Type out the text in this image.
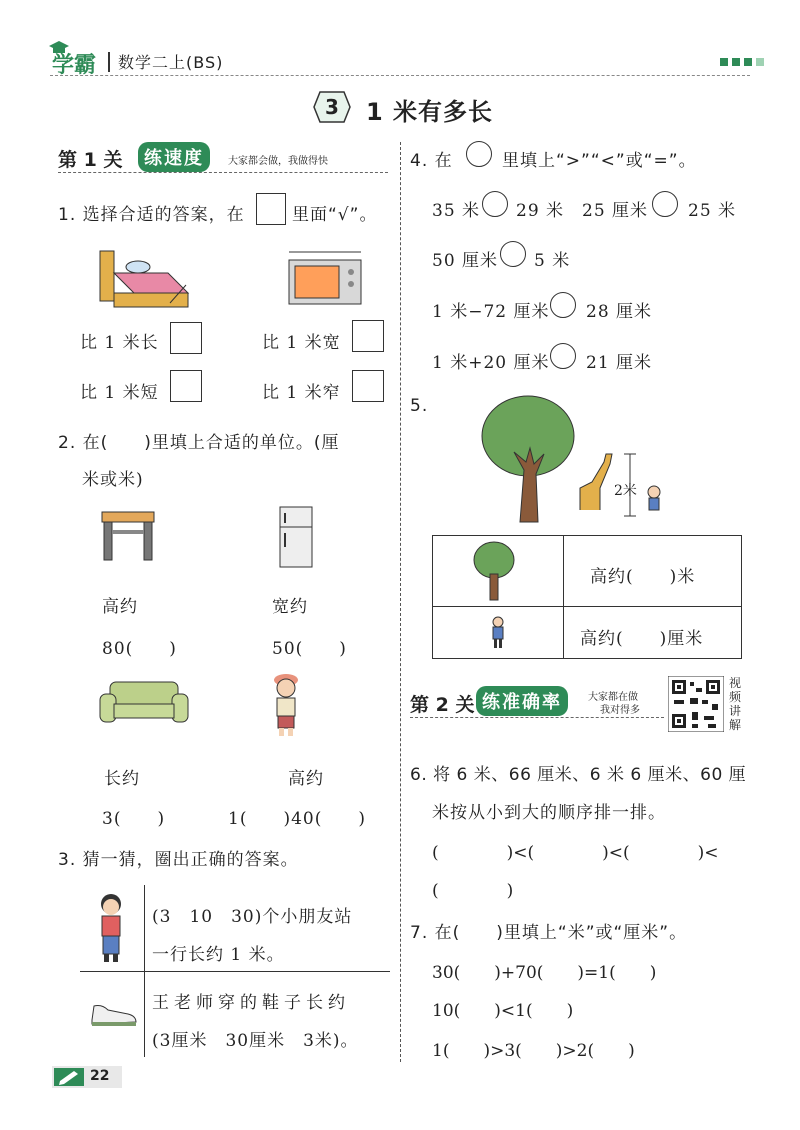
学霸 数学二上(BS)
3 1 米有多长
第 1 关	练速度	大家都会做，我做得快
1. 选择合适的答案，在	里面“√”。
比 1 米长	比 1 米宽
比 1 米短	比 1 米窄
2. 在(　　)里填上合适的单位。(厘
米或米)
高约	宽约
80(　　)	50(　　)
长约	高约
3(　　)	1(　　)40(　　)
3. 猜一猜，圈出正确的答案。
(3　10　30)个小朋友站
一行长约 1 米。
王老师穿的鞋子长约
(3厘米　30厘米　3米)。
4. 在	里填上“>”“<”或“=”。
35 米 29 米 25 厘米 25 米
50 厘米 5 米
1 米−72 厘米 28 厘米
1 米+20 厘米 21 厘米
5.
2米
高约(　　)米
高约(　　)厘米
第 2 关 练准确率	大家都在做
我对得多
视频讲解
6. 将 6 米、66 厘米、6 米 6 厘米、60 厘
米按从小到大的顺序排一排。
(　　　　)<(　　　　)<(　　　　)<
(　　　　)
7. 在(　　)里填上“米”或“厘米”。
30(　　)+70(　　)=1(　　)
10(　　)<1(　　)
1(　　)>3(　　)>2(　　)
22
